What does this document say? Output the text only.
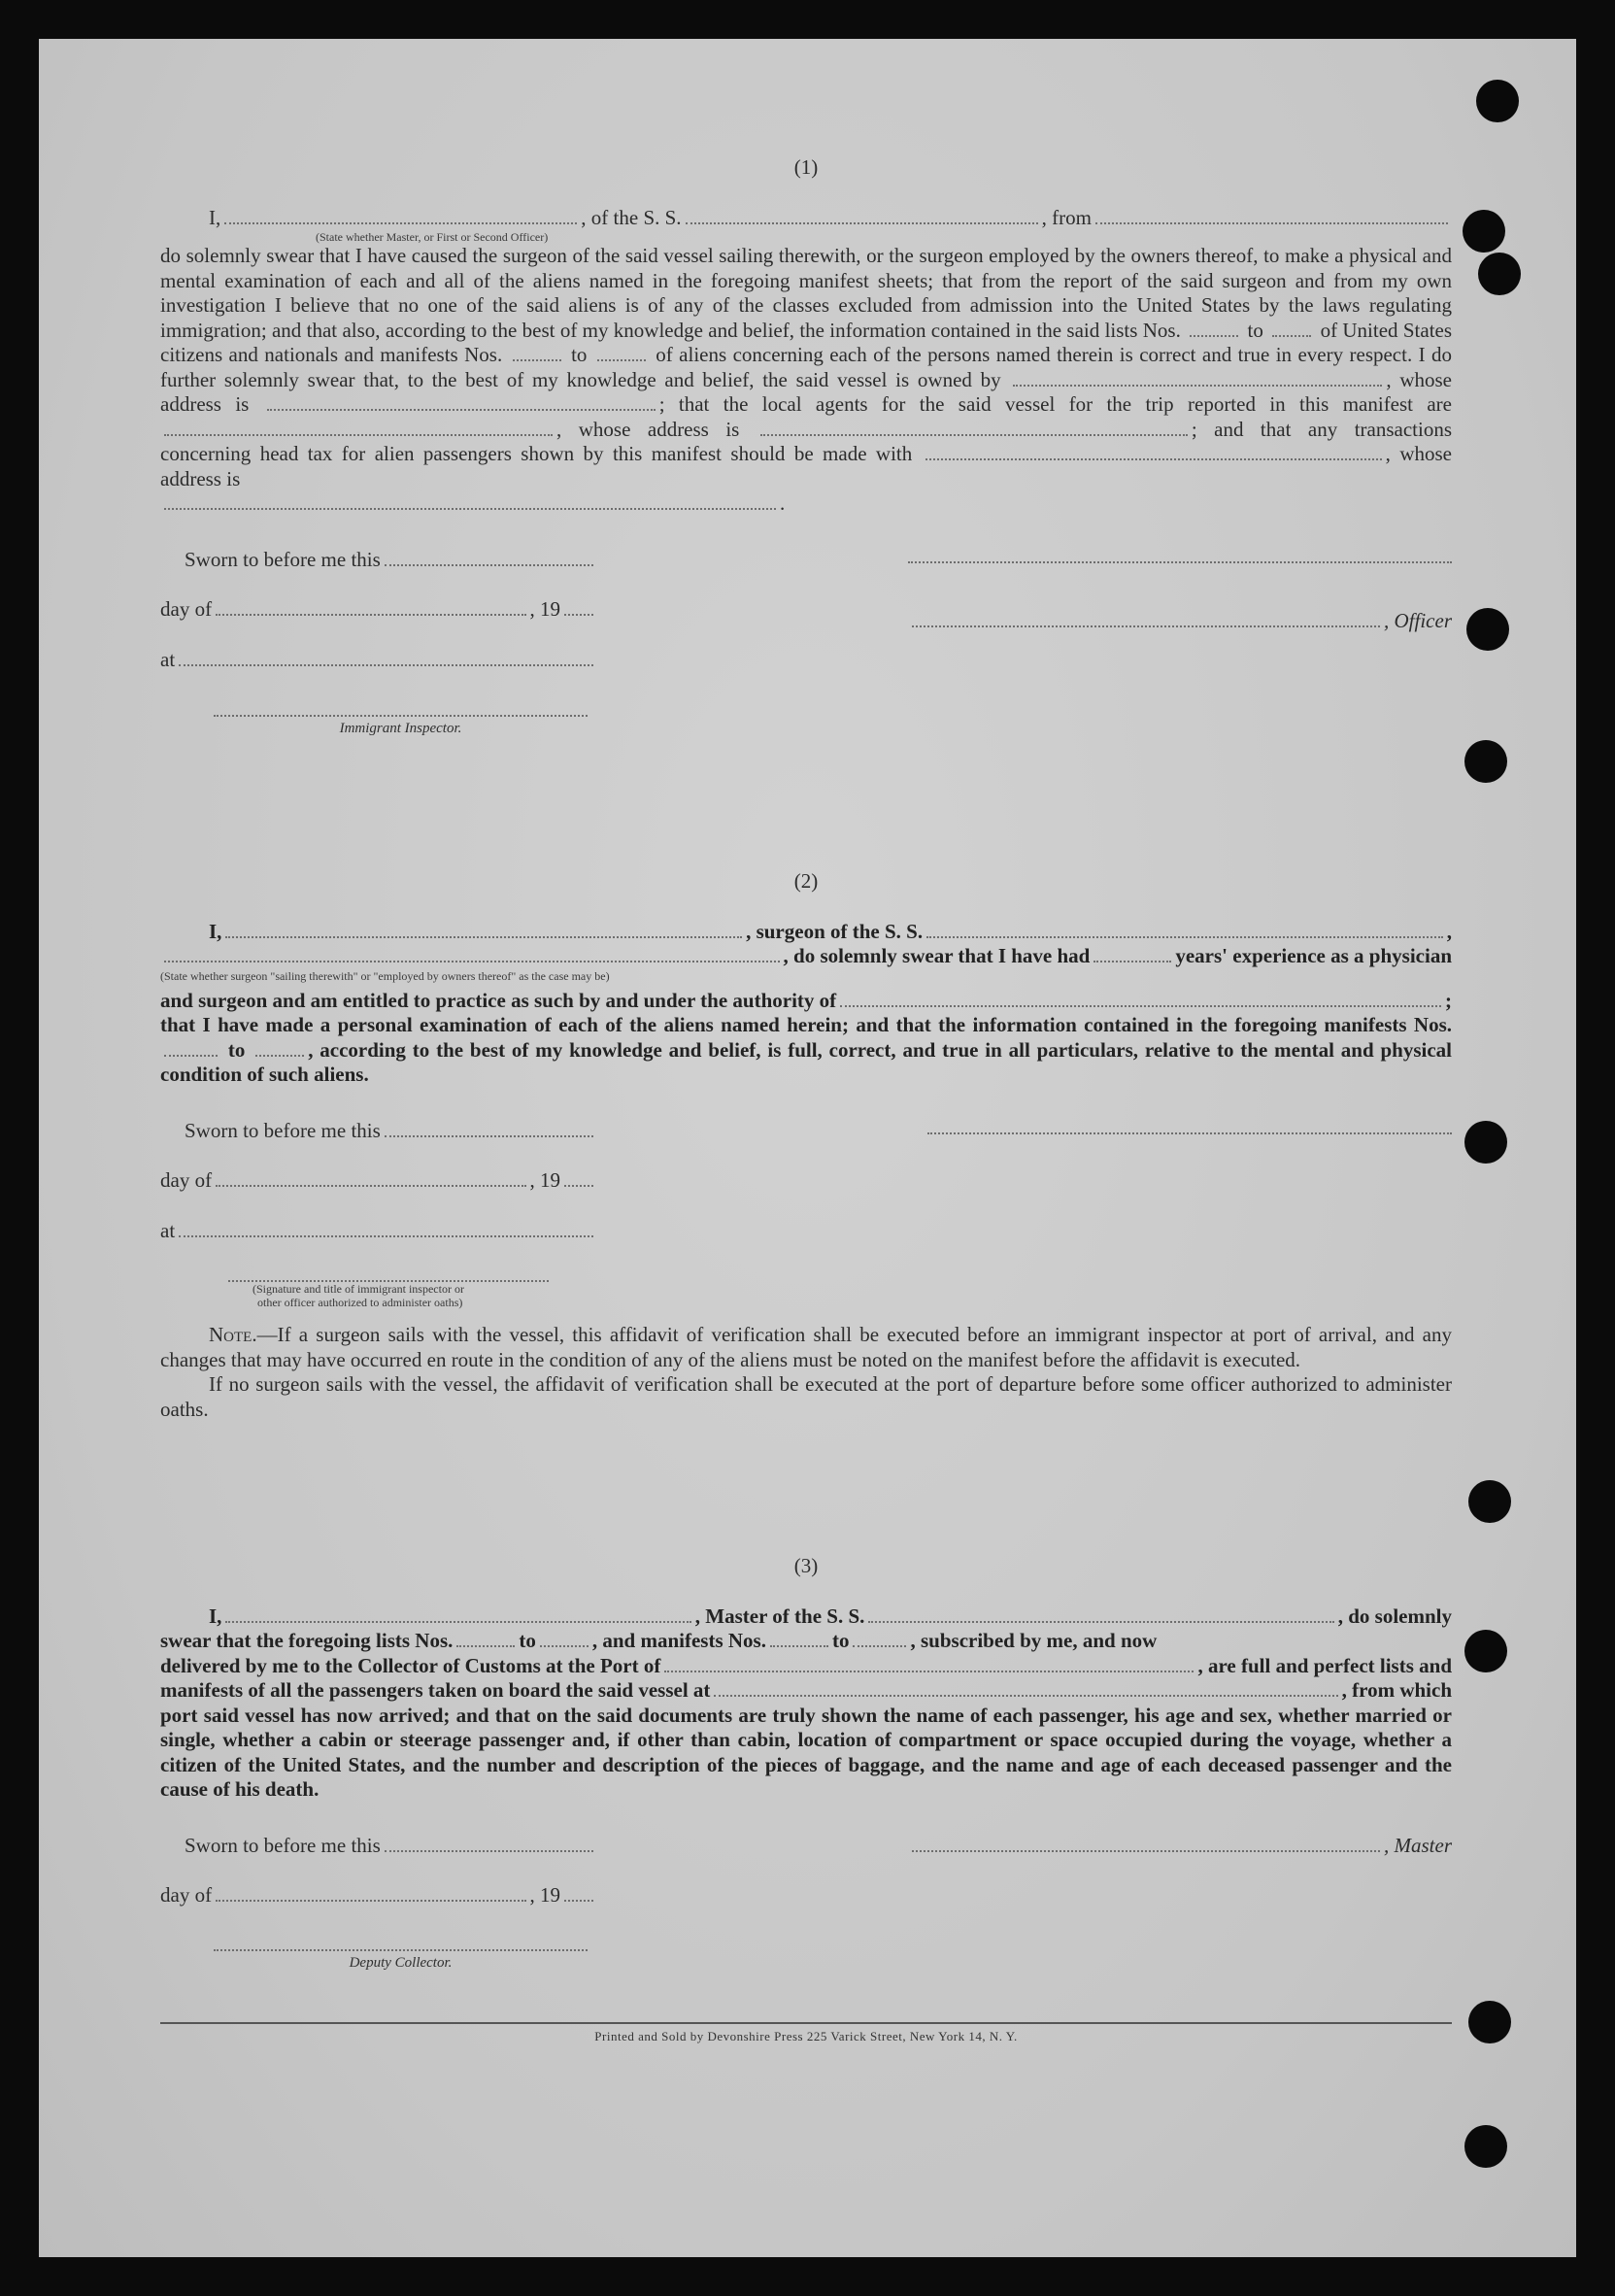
(1)
I,	, of the S. S.	, from
(State whether Master, or First or Second Officer)
do solemnly swear that I have caused the surgeon of the said vessel sailing therewith, or the surgeon employed by the owners thereof, to make a physical and mental examination of each and all of the aliens named in the foregoing manifest sheets; that from the report of the said surgeon and from my own investigation I believe that no one of the said aliens is of any of the classes excluded from admission into the United States by the laws regulating immigration; and that also, according to the best of my knowledge and belief, the information contained in the said lists Nos.	to	of United States citizens and nationals and manifests Nos.	to	of aliens concerning each of the persons named therein is correct and true in every respect. I do further solemnly swear that, to the best of my knowledge and belief, the said vessel is owned by	, whose address is	; that the local agents for the said vessel for the trip reported in this manifest are , whose address is	; and that any transactions concerning head tax for alien passengers shown by this manifest should be made with	, whose address is
.
Sworn to before me this
day of	, 19
at
Immigrant Inspector.
, Officer
(2)
I,	, surgeon of the S. S.	,
, do solemnly swear that I have had	years' experience as a physician
(State whether surgeon "sailing therewith" or "employed by owners thereof" as the case may be)
and surgeon and am entitled to practice as such by and under the authority of	;
that I have made a personal examination of each of the aliens named herein; and that the information contained in the foregoing manifests Nos.  to	, according to the best of my knowledge and belief, is full, correct, and true in all particulars, relative to the mental and physical condition of such aliens.
Sworn to before me this
day of	, 19
at
(Signature and title of immigrant inspector or
other officer authorized to administer oaths)
Note.—If a surgeon sails with the vessel, this affidavit of verification shall be executed before an immigrant inspector at port of arrival, and any changes that may have occurred en route in the condition of any of the aliens must be noted on the manifest before the affidavit is executed.
If no surgeon sails with the vessel, the affidavit of verification shall be executed at the port of departure before some officer authorized to administer oaths.
(3)
I,	, Master of the S. S.	, do solemnly
swear that the foregoing lists Nos.	to	, and manifests Nos.	to	, subscribed by me, and now
delivered by me to the Collector of Customs at the Port of	, are full and perfect lists and
manifests of all the passengers taken on board the said vessel at	, from which
port said vessel has now arrived; and that on the said documents are truly shown the name of each passenger, his age and sex, whether married or single, whether a cabin or steerage passenger and, if other than cabin, location of compartment or space occupied during the voyage, whether a citizen of the United States, and the number and description of the pieces of baggage, and the name and age of each deceased passenger and the cause of his death.
Sworn to before me this
day of	, 19
Deputy Collector.
, Master
Printed and Sold by Devonshire Press 225 Varick Street, New York 14, N. Y.
